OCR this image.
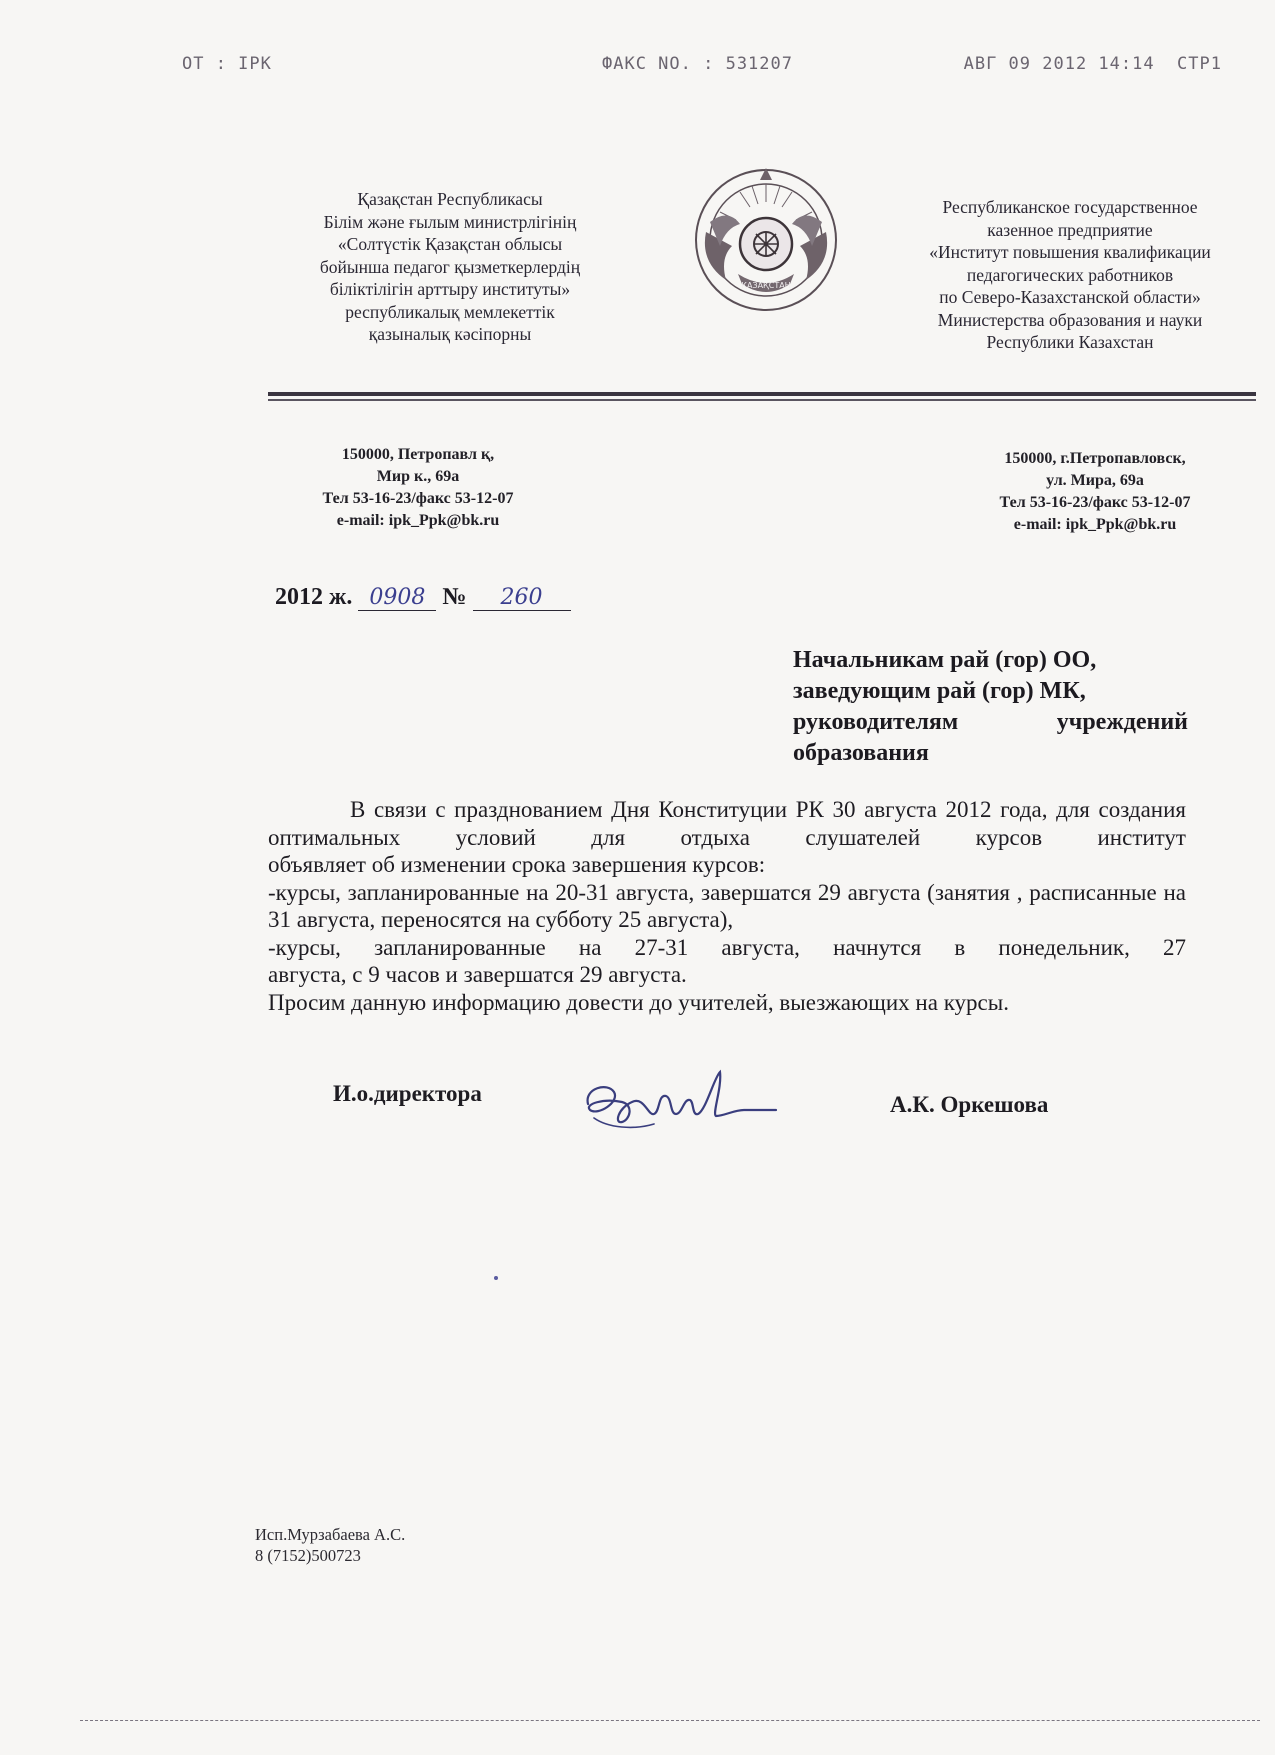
ОТ : IPK	ФАКС NO. : 531207	АВГ 09 2012 14:14  СТР1
Қазақстан Республикасы
Білім және ғылым министрлігінің
«Солтүстік Қазақстан облысы
бойынша педагог қызметкерлердің
біліктілігін арттыру институты»
республикалық мемлекеттік
қазыналық кәсіпорны
ҚАЗАҚСТАН
Республиканское государственное
казенное предприятие
«Институт повышения квалификации
педагогических работников
по Северо-Казахстанской области»
Министерства образования и науки
Республики Казахстан
150000, Петропавл қ,
Мир к., 69а
Тел 53-16-23/факс 53-12-07
e-mail: ipk_Ppk@bk.ru
150000, г.Петропавловск,
ул. Мира, 69а
Тел 53-16-23/факс 53-12-07
e-mail: ipk_Ppk@bk.ru
2012 ж. 0908 № 260
Начальникам рай (гор) ОО,
заведующим рай (гор) МК,
руководителям	учреждений
образования

В связи с празднованием Дня Конституции РК 30 августа 2012 года, для создания оптимальных условий для отдыха слушателей курсов институт

объявляет об изменении срока завершения курсов:

-курсы, запланированные на 20-31 августа, завершатся 29 августа (занятия , расписанные на 31 августа, переносятся на субботу 25 августа),

-курсы, запланированные на 27-31 августа, начнутся в понедельник, 27

августа, с 9 часов и завершатся 29 августа.

Просим данную информацию довести до учителей, выезжающих на курсы.

И.о.директора	А.К. Оркешова
Исп.Мурзабаева А.С.
8 (7152)500723
